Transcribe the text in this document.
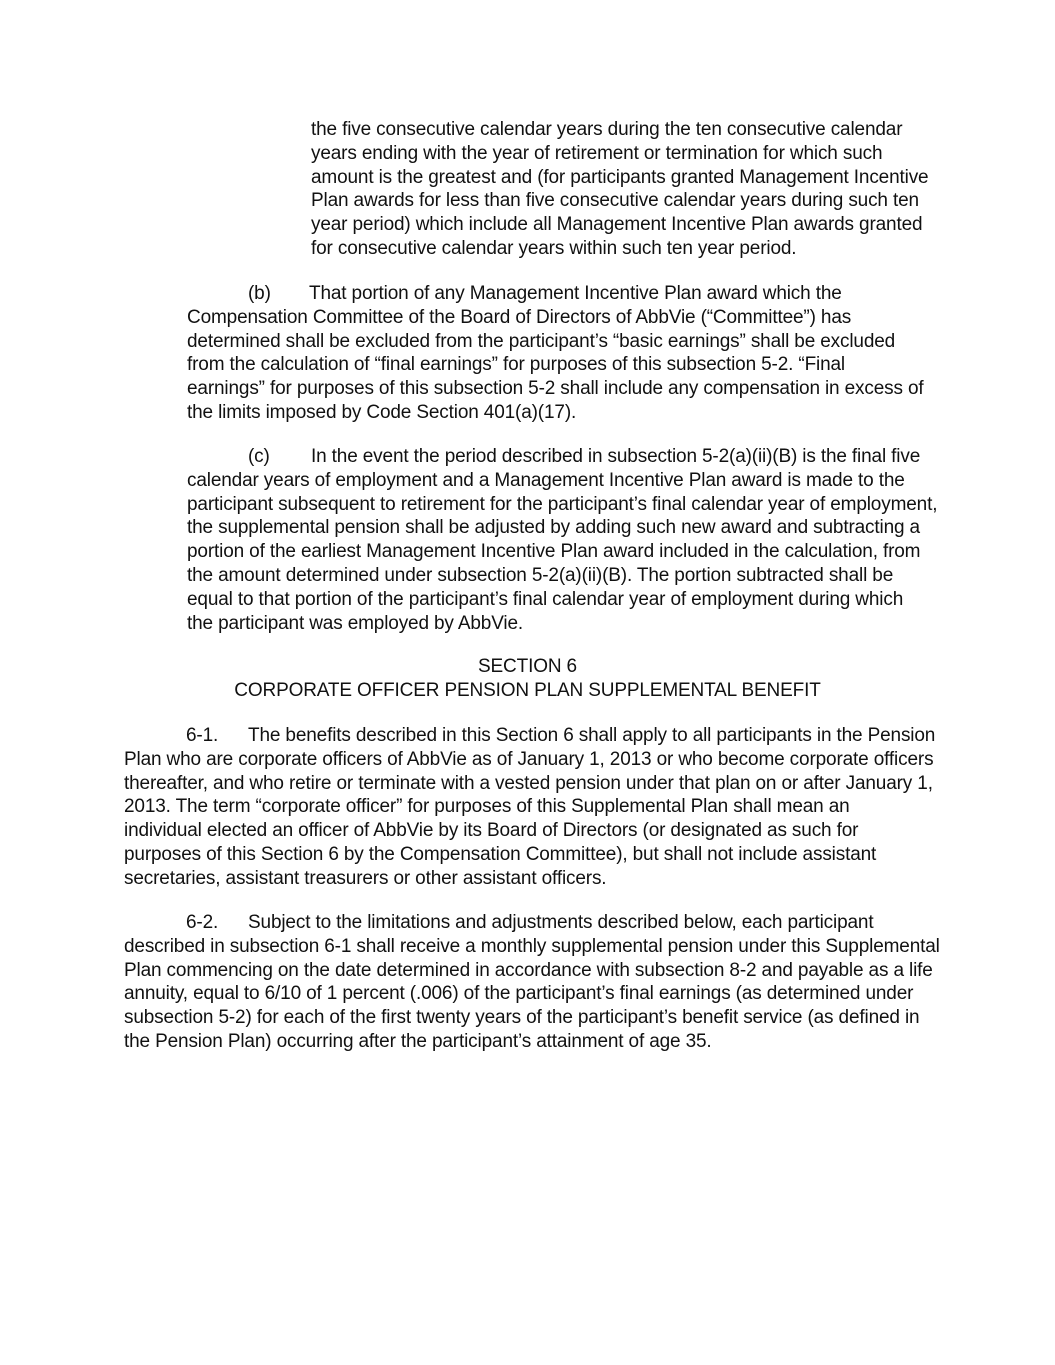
the five consecutive calendar years during the ten consecutive calendar
years ending with the year of retirement or termination for which such
amount is the greatest and (for participants granted Management Incentive
Plan awards for less than five consecutive calendar years during such ten
year period) which include all Management Incentive Plan awards granted
for consecutive calendar years within such ten year period.
(b) That portion of any Management Incentive Plan award which the
Compensation Committee of the Board of Directors of AbbVie (“Committee”) has
determined shall be excluded from the participant’s “basic earnings” shall be excluded
from the calculation of “final earnings” for purposes of this subsection 5-2. “Final
earnings” for purposes of this subsection 5-2 shall include any compensation in excess of
the limits imposed by Code Section 401(a)(17).
(c) In the event the period described in subsection 5-2(a)(ii)(B) is the final five
calendar years of employment and a Management Incentive Plan award is made to the
participant subsequent to retirement for the participant’s final calendar year of employment,
the supplemental pension shall be adjusted by adding such new award and subtracting a
portion of the earliest Management Incentive Plan award included in the calculation, from
the amount determined under subsection 5-2(a)(ii)(B). The portion subtracted shall be
equal to that portion of the participant’s final calendar year of employment during which
the participant was employed by AbbVie.
SECTION 6
CORPORATE OFFICER PENSION PLAN SUPPLEMENTAL BENEFIT
6-1. The benefits described in this Section 6 shall apply to all participants in the Pension
Plan who are corporate officers of AbbVie as of January 1, 2013 or who become corporate officers
thereafter, and who retire or terminate with a vested pension under that plan on or after January 1,
2013. The term “corporate officer” for purposes of this Supplemental Plan shall mean an
individual elected an officer of AbbVie by its Board of Directors (or designated as such for
purposes of this Section 6 by the Compensation Committee), but shall not include assistant
secretaries, assistant treasurers or other assistant officers.
6-2. Subject to the limitations and adjustments described below, each participant
described in subsection 6-1 shall receive a monthly supplemental pension under this Supplemental
Plan commencing on the date determined in accordance with subsection 8-2 and payable as a life
annuity, equal to 6/10 of 1 percent (.006) of the participant’s final earnings (as determined under
subsection 5-2) for each of the first twenty years of the participant’s benefit service (as defined in
the Pension Plan) occurring after the participant’s attainment of age 35.
